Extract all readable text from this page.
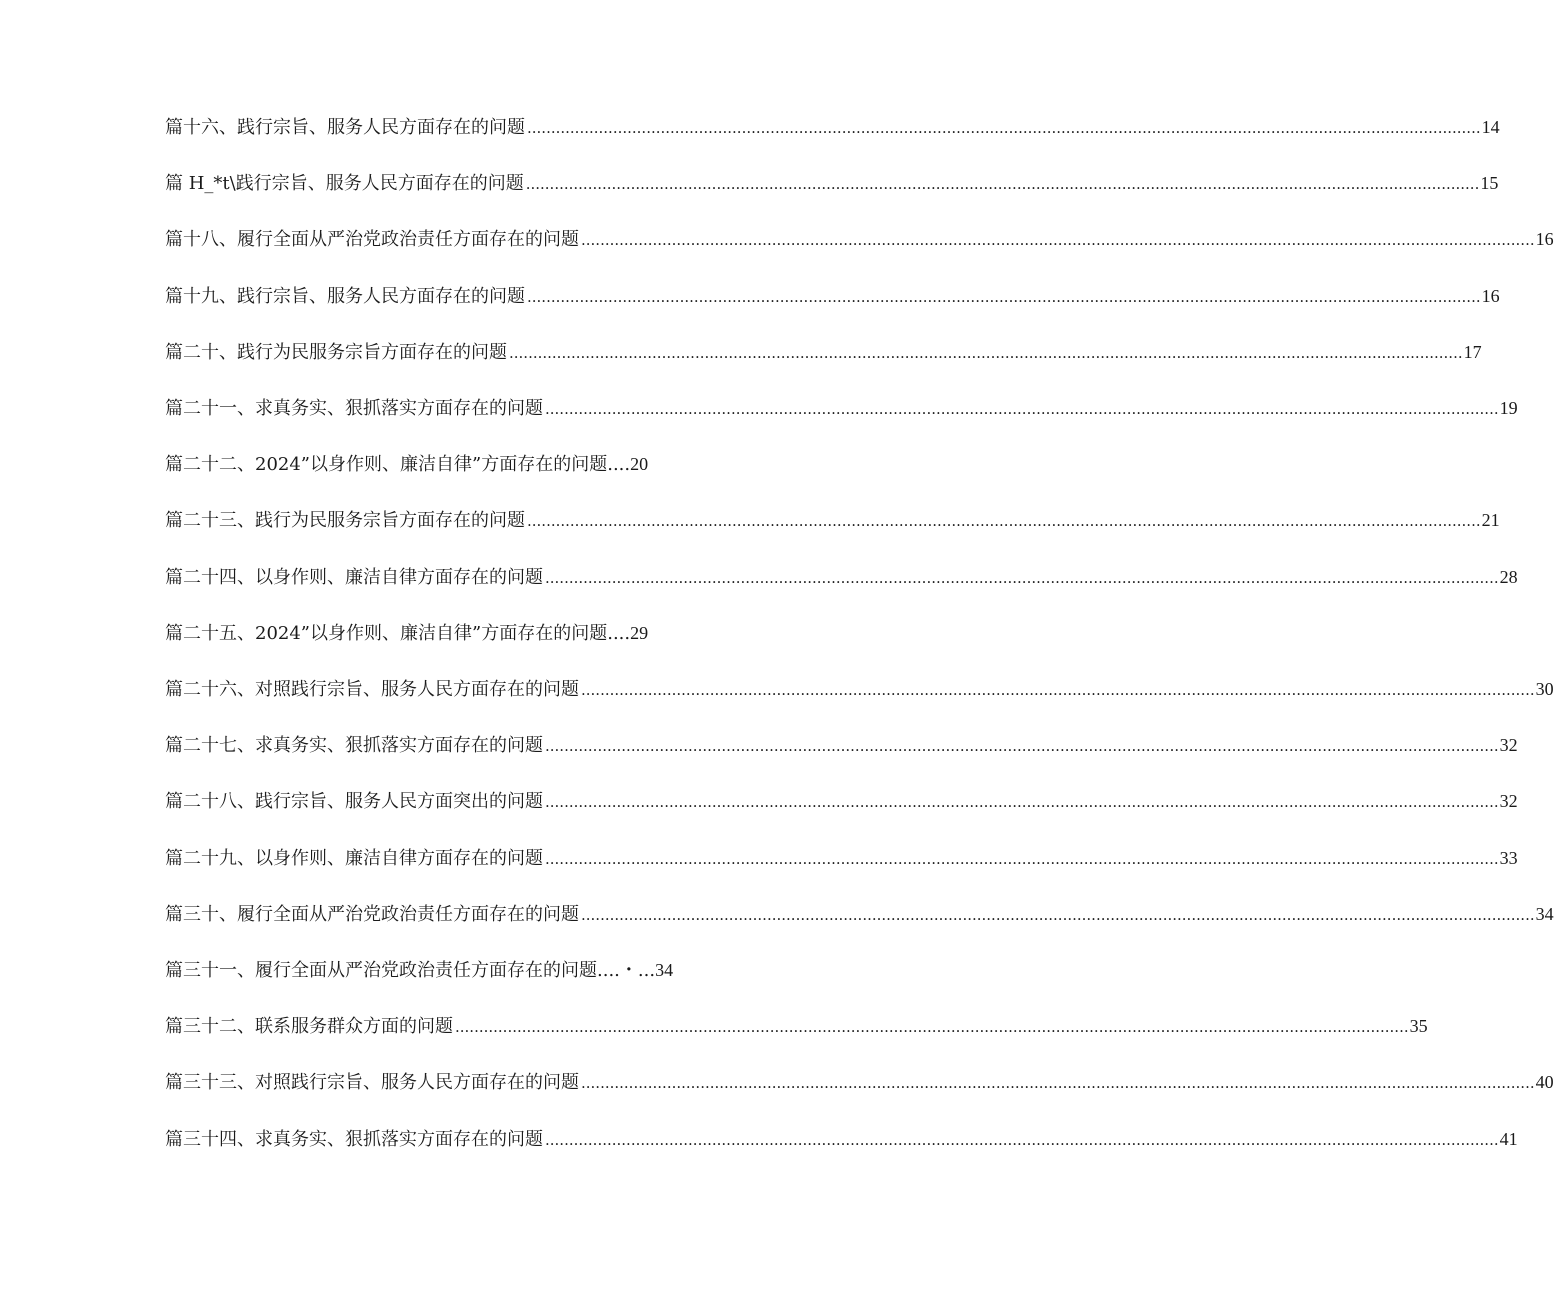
篇十六、践行宗旨、服务人民方面存在的问题 ........................................................................................................................................................................................................ 14
篇 H_*t\践行宗旨、服务人民方面存在的问题 ........................................................................................................................................................................................................ 15
篇十八、履行全面从严治党政治责任方面存在的问题 ........................................................................................................................................................................................................ 16
篇十九、践行宗旨、服务人民方面存在的问题 ........................................................................................................................................................................................................ 16
篇二十、践行为民服务宗旨方面存在的问题 ........................................................................................................................................................................................................ 17
篇二十一、求真务实、狠抓落实方面存在的问题 ........................................................................................................................................................................................................ 19
篇二十二、2024”以身作则、廉洁自律”方面存在的问题....20
篇二十三、践行为民服务宗旨方面存在的问题 ........................................................................................................................................................................................................ 21
篇二十四、以身作则、廉洁自律方面存在的问题 ........................................................................................................................................................................................................ 28
篇二十五、2024”以身作则、廉洁自律”方面存在的问题....29
篇二十六、对照践行宗旨、服务人民方面存在的问题 ........................................................................................................................................................................................................ 30
篇二十七、求真务实、狠抓落实方面存在的问题 ........................................................................................................................................................................................................ 32
篇二十八、践行宗旨、服务人民方面突出的问题 ........................................................................................................................................................................................................ 32
篇二十九、以身作则、廉洁自律方面存在的问题 ........................................................................................................................................................................................................ 33
篇三十、履行全面从严治党政治责任方面存在的问题 ........................................................................................................................................................................................................ 34
篇三十一、履行全面从严治党政治责任方面存在的问题....・...34
篇三十二、联系服务群众方面的问题 ........................................................................................................................................................................................................ 35
篇三十三、对照践行宗旨、服务人民方面存在的问题 ........................................................................................................................................................................................................ 40
篇三十四、求真务实、狠抓落实方面存在的问题 ........................................................................................................................................................................................................ 41
